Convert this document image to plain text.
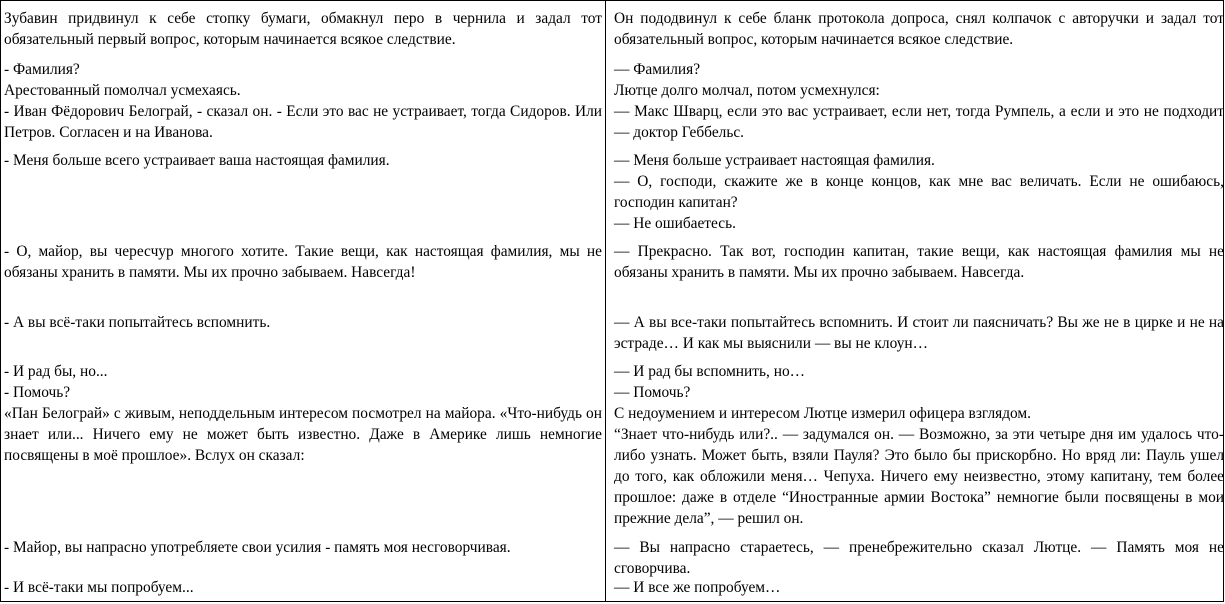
Зубавин придвинул к себе стопку бумаги, обмакнул перо в чернила и задал тот обязательный первый вопрос, которым начинается всякое следствие.

- Фамилия?

Арестованный помолчал усмехаясь.

- Иван Фёдорович Белограй, - сказал он. - Если это вас не устраивает, тогда Сидоров. Или Петров. Согласен и на Иванова.

- Меня больше всего устраивает ваша настоящая фамилия.

- О, майор, вы чересчур многого хотите. Такие вещи, как настоящая фамилия, мы не обязаны хранить в памяти. Мы их прочно забываем. Навсегда!

- А вы всё-таки попытайтесь вспомнить.

- И рад бы, но...

- Помочь?

«Пан Белограй» с живым, неподдельным интересом посмотрел на майора. «Что-нибудь он знает или... Ничего ему не может быть известно. Даже в Америке лишь немногие посвящены в моё прошлое». Вслух он сказал:

- Майор, вы напрасно употребляете свои усилия - память моя несговорчивая.

- И всё-таки мы попробуем...

Он пододвинул к себе бланк протокола допроса, снял колпачок с авторучки и задал тот обязательный вопрос, которым начинается всякое следствие.

— Фамилия?

Лютце долго молчал, потом усмехнулся:

— Макс Шварц, если это вас устраивает, если нет, тогда Румпель, а если и это не подходит — доктор Геббельс.

— Меня больше устраивает настоящая фамилия.

— О, господи, скажите же в конце концов, как мне вас величать. Если не ошибаюсь, господин капитан?

— Не ошибаетесь.

— Прекрасно. Так вот, господин капитан, такие вещи, как настоящая фамилия мы не обязаны хранить в памяти. Мы их прочно забываем. Навсегда.

— А вы все-таки попытайтесь вспомнить. И стоит ли паясничать? Вы же не в цирке и не на эстраде… И как мы выяснили — вы не клоун…

— И рад бы вспомнить, но…

— Помочь?

С недоумением и интересом Лютце измерил офицера взглядом.

“Знает что-нибудь или?.. — задумался он. — Возможно, за эти четыре дня им удалось что-либо узнать. Может быть, взяли Пауля? Это было бы прискорбно. Но вряд ли: Пауль ушел до того, как обложили меня… Чепуха. Ничего ему неизвестно, этому капитану, тем более прошлое: даже в отделе “Иностранные армии Востока” немногие были посвящены в мои прежние дела”, — решил он.

— Вы напрасно стараетесь, — пренебрежительно сказал Лютце. — Память моя не сговорчива.

— И все же попробуем…
